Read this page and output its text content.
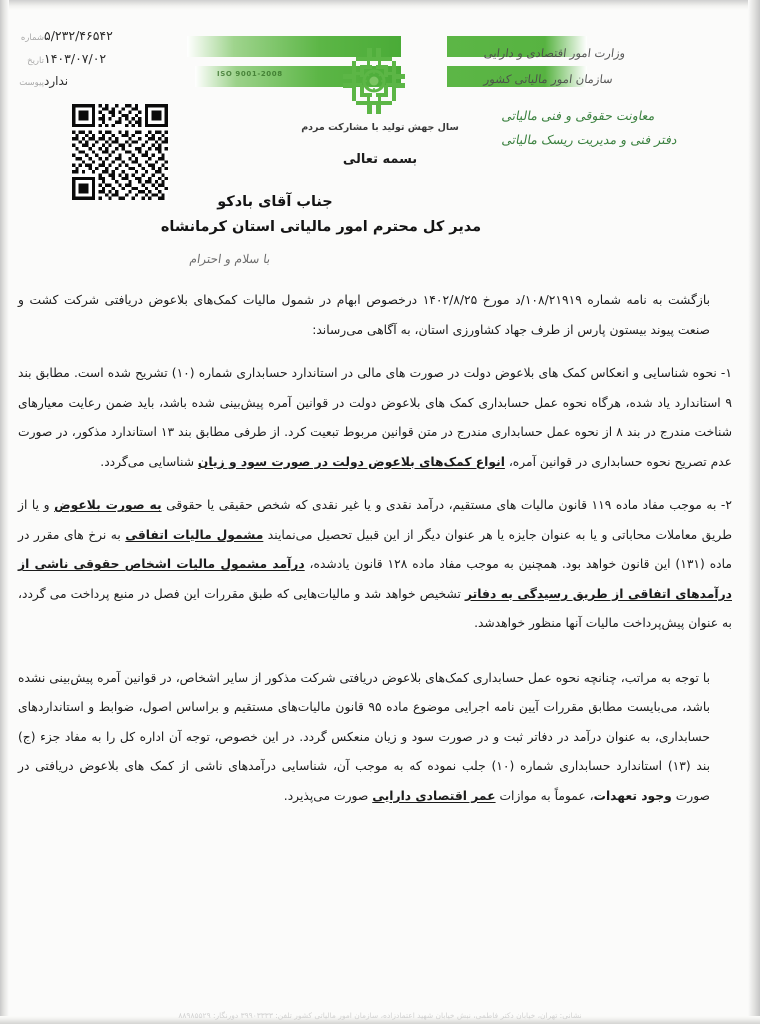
شماره ۵/۲۳۲/۴۶۵۴۲
تاریخ ۱۴۰۳/۰۷/۰۲
پیوست ندارد	ISO 9001-2008
وزارت امور اقتصادی و دارایی
سازمان امور مالیاتی کشور
معاونت حقوقی و فنی مالیاتی
دفتر فنی و مدیریت ریسک مالیاتی
سال جهش تولید با مشارکت مردم
بسمه تعالی
جناب آقای بادکو
مدیر کل محترم امور مالیاتی استان کرمانشاه
با سلام و احترام

بازگشت به نامه شماره ۱۰۸/۲۱۹۱۹/د مورخ ۱۴۰۲/۸/۲۵ درخصوص ابهام در شمول مالیات کمک‌های بلاعوض دریافتی شرکت کشت و صنعت پیوند بیستون پارس از طرف جهاد کشاورزی استان، به آگاهی می‌رساند:

۱- نحوه شناسایی و انعکاس کمک های بلاعوض دولت در صورت های مالی در استاندارد حسابداری شماره (۱۰) تشریح شده است. مطابق بند ۹ استاندارد یاد شده، هرگاه نحوه عمل حسابداری کمک های بلاعوض دولت در قوانین آمره پیش‌بینی شده باشد، باید ضمن رعایت معیارهای شناخت مندرج در بند ۸ از نحوه عمل حسابداری مندرج در متن قوانین مربوط تبعیت کرد. از طرفی مطابق بند ۱۳ استاندارد مذکور، در صورت عدم تصریح نحوه حسابداری در قوانین آمره، انواع کمک‌های بلاعوض دولت در صورت سود و زیان شناسایی می‌گردد.

۲- به موجب مفاد ماده ۱۱۹ قانون مالیات های مستقیم، درآمد نقدی و یا غیر نقدی که شخص حقیقی یا حقوقی به صورت بلاعوض و یا از طریق معاملات محاباتی و یا به عنوان جایزه یا هر عنوان دیگر از این قبیل تحصیل می‌نمایند مشمول مالیات اتفاقی به نرخ های مقرر در ماده (۱۳۱) این قانون خواهد بود. همچنین به موجب مفاد ماده ۱۲۸ قانون یادشده، درآمد مشمول مالیات اشخاص حقوقی ناشی از درآمدهای اتفاقی از طریق رسیدگی به دفاتر تشخیص خواهد شد و مالیات‌هایی که طبق مقررات این فصل در منبع پرداخت می گردد، به عنوان پیش‌پرداخت مالیات آنها منظور خواهدشد.

با توجه به مراتب، چنانچه نحوه عمل حسابداری کمک‌های بلاعوض دریافتی شرکت مذکور از سایر اشخاص، در قوانین آمره پیش‌بینی نشده باشد، می‌بایست مطابق مقررات آیین نامه اجرایی موضوع ماده ۹۵ قانون مالیات‌های مستقیم و براساس اصول، ضوابط و استانداردهای حسابداری، به عنوان درآمد در دفاتر ثبت و در صورت سود و زیان منعکس گردد. در این خصوص، توجه آن اداره کل را به مفاد جزء (ج) بند (۱۳) استاندارد حسابداری شماره (۱۰) جلب نموده که به موجب آن، شناسایی درآمدهای ناشی از کمک های بلاعوض دریافتی در صورت وجود تعهدات، عموماً به موازات عمر اقتصادی دارایی صورت می‌پذیرد.

نشانی: تهران، خیابان دکتر فاطمی، نبش خیابان شهید اعتمادزاده، سازمان امور مالیاتی کشور تلفن: ۳۹۹۰۳۳۳۳ دورنگار: ۸۸۹۸۵۵۲۹
